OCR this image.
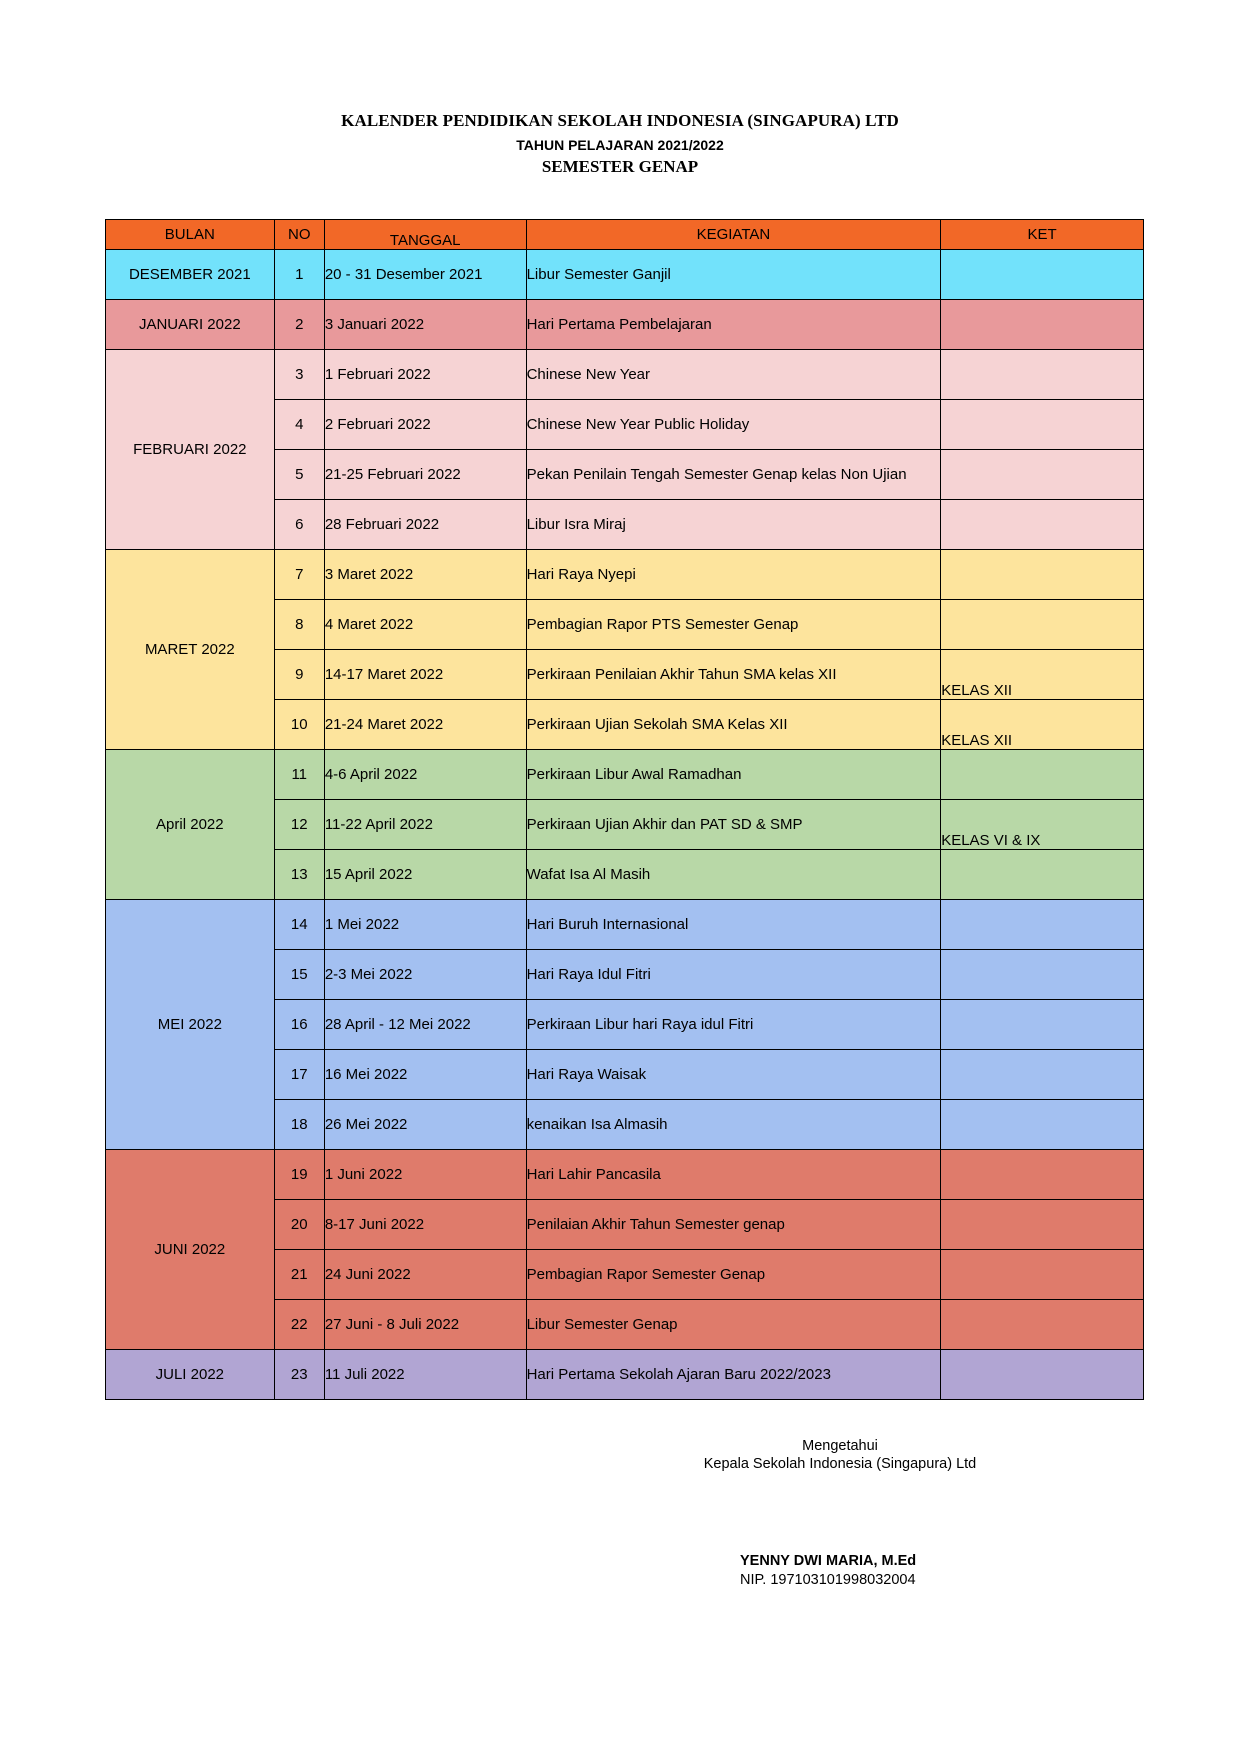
KALENDER PENDIDIKAN SEKOLAH INDONESIA (SINGAPURA) LTD
TAHUN PELAJARAN 2021/2022
SEMESTER GENAP
BULAN	NO	TANGGAL	KEGIATAN	KET
DESEMBER 2021	1	20 - 31 Desember 2021	Libur Semester Ganjil	
JANUARI 2022	2	3 Januari 2022	Hari Pertama Pembelajaran	
FEBRUARI 2022	3	1 Februari 2022	Chinese New Year	
	4	2 Februari 2022	Chinese New Year Public Holiday	
	5	21-25 Februari 2022	Pekan Penilain Tengah Semester Genap kelas Non Ujian	
	6	28 Februari 2022	Libur Isra Miraj	
MARET 2022	7	3 Maret 2022	Hari Raya Nyepi	
	8	4 Maret 2022	Pembagian Rapor PTS Semester Genap	
	9	14-17 Maret 2022	Perkiraan Penilaian Akhir Tahun SMA kelas XII	KELAS XII
	10	21-24 Maret 2022	Perkiraan Ujian Sekolah SMA Kelas XII	KELAS XII
April 2022	11	4-6 April 2022	Perkiraan Libur Awal Ramadhan	
	12	11-22 April 2022	Perkiraan Ujian Akhir dan PAT SD & SMP	KELAS VI & IX
	13	15 April 2022	Wafat Isa Al Masih	
MEI 2022	14	1 Mei 2022	Hari Buruh Internasional	
	15	2-3 Mei 2022	Hari Raya Idul Fitri	
	16	28 April - 12 Mei 2022	Perkiraan Libur hari Raya idul Fitri	
	17	16 Mei 2022	Hari Raya Waisak	
	18	26 Mei 2022	kenaikan Isa Almasih	
JUNI 2022	19	1 Juni 2022	Hari Lahir Pancasila	
	20	8-17 Juni 2022	Penilaian Akhir Tahun Semester genap	
	21	24 Juni 2022	Pembagian Rapor Semester Genap	
	22	27 Juni - 8 Juli 2022	Libur Semester Genap	
JULI 2022	23	11 Juli 2022	Hari Pertama Sekolah Ajaran Baru 2022/2023	
Mengetahui
Kepala Sekolah Indonesia (Singapura) Ltd
YENNY DWI MARIA, M.Ed
NIP. 197103101998032004
